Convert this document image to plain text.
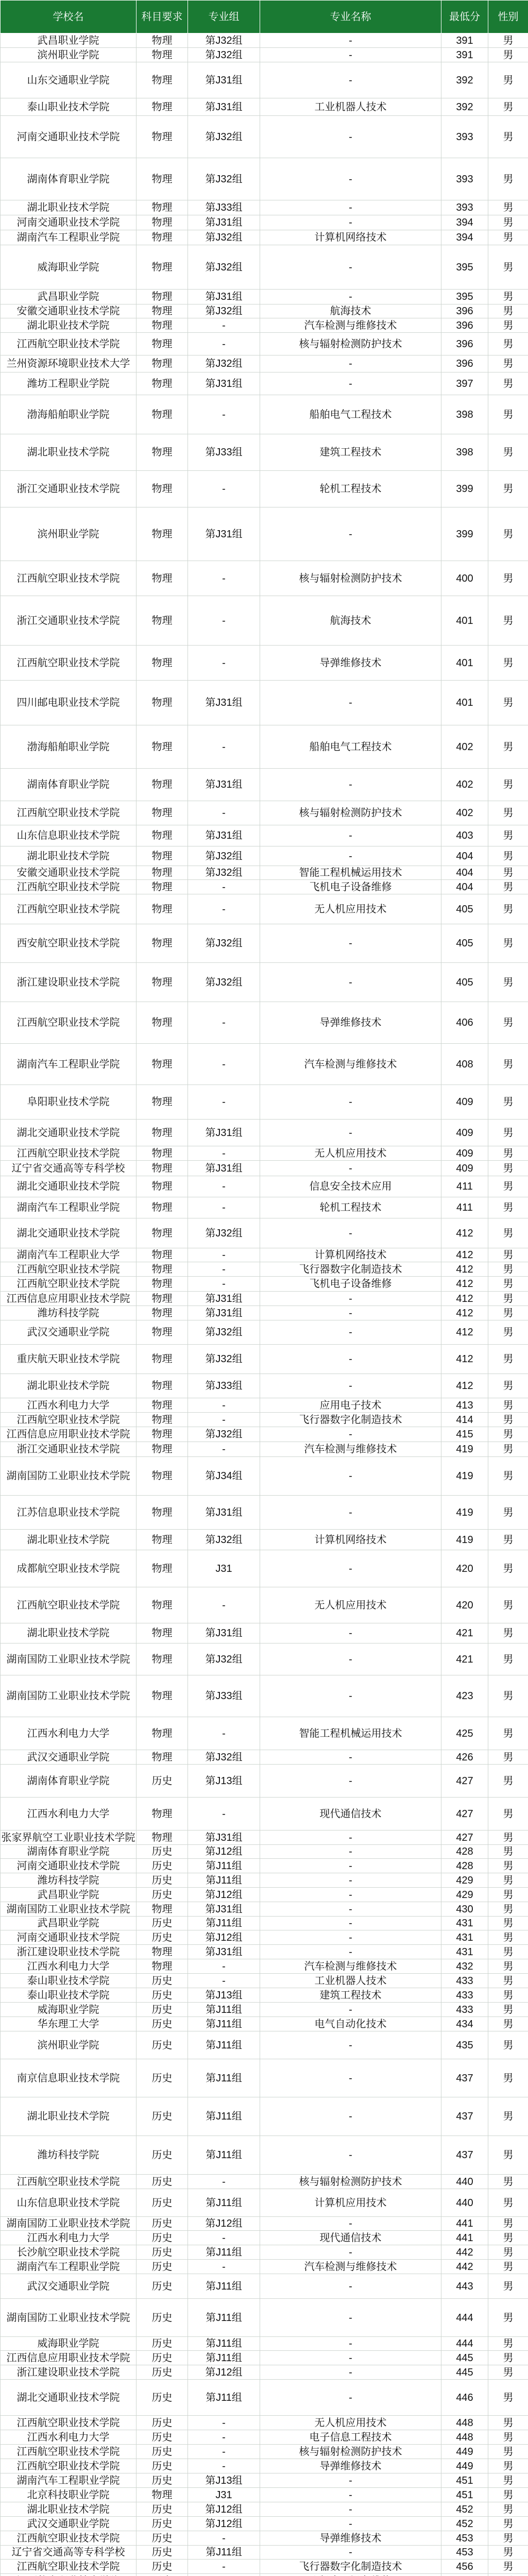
学校名	科目要求	专业组	专业名称	最低分	性别
武昌职业学院	物理	第J32组	-	391	男
滨州职业学院	物理	第J32组	-	391	男
山东交通职业学院	物理	第J31组	-	392	男
泰山职业技术学院	物理	第J31组	工业机器人技术	392	男
河南交通职业技术学院	物理	第J32组	-	393	男
湖南体育职业学院	物理	第J32组	-	393	男
湖北职业技术学院	物理	第J33组	-	393	男
河南交通职业技术学院	物理	第J31组	-	394	男
湖南汽车工程职业学院	物理	第J32组	计算机网络技术	394	男
威海职业学院	物理	第J32组	-	395	男
武昌职业学院	物理	第J31组	-	395	男
安徽交通职业技术学院	物理	第J32组	航海技术	396	男
湖北职业技术学院	物理	-	汽车检测与维修技术	396	男
江西航空职业技术学院	物理	-	核与辐射检测防护技术	396	男
兰州资源环境职业技术大学	物理	第J32组	-	396	男
潍坊工程职业学院	物理	第J31组	-	397	男
渤海船舶职业学院	物理	-	船舶电气工程技术	398	男
湖北职业技术学院	物理	第J33组	建筑工程技术	398	男
浙江交通职业技术学院	物理	-	轮机工程技术	399	男
滨州职业学院	物理	第J31组	-	399	男
江西航空职业技术学院	物理	-	核与辐射检测防护技术	400	男
浙江交通职业技术学院	物理	-	航海技术	401	男
江西航空职业技术学院	物理	-	导弹维修技术	401	男
四川邮电职业技术学院	物理	第J31组	-	401	男
渤海船舶职业学院	物理	-	船舶电气工程技术	402	男
湖南体育职业学院	物理	第J31组	-	402	男
江西航空职业技术学院	物理	-	核与辐射检测防护技术	402	男
山东信息职业技术学院	物理	第J31组	-	403	男
湖北职业技术学院	物理	第J32组	-	404	男
安徽交通职业技术学院	物理	第J32组	智能工程机械运用技术	404	男
江西航空职业技术学院	物理	-	飞机电子设备维修	404	男
江西航空职业技术学院	物理	-	无人机应用技术	405	男
西安航空职业技术学院	物理	第J32组	-	405	男
浙江建设职业技术学院	物理	第J32组	-	405	男
江西航空职业技术学院	物理	-	导弹维修技术	406	男
湖南汽车工程职业学院	物理	-	汽车检测与维修技术	408	男
阜阳职业技术学院	物理	-	-	409	男
湖北交通职业技术学院	物理	第J31组	-	409	男
江西航空职业技术学院	物理	-	无人机应用技术	409	男
辽宁省交通高等专科学校	物理	第J31组	-	409	男
湖北交通职业技术学院	物理	-	信息安全技术应用	411	男
湖南汽车工程职业学院	物理	-	轮机工程技术	411	男
湖北交通职业技术学院	物理	第J32组	-	412	男
湖南汽车工程职业大学	物理	-	计算机网络技术	412	男
江西航空职业技术学院	物理	-	飞行器数字化制造技术	412	男
江西航空职业技术学院	物理	-	飞机电子设备维修	412	男
江西信息应用职业技术学院	物理	第J31组	-	412	男
潍坊科技学院	物理	第J31组	-	412	男
武汉交通职业学院	物理	第J32组	-	412	男
重庆航天职业技术学院	物理	第J32组	-	412	男
湖北职业技术学院	物理	第J33组	-	412	男
江西水利电力大学	物理	-	应用电子技术	413	男
江西航空职业技术学院	物理	-	飞行器数字化制造技术	414	男
江西信息应用职业技术学院	物理	第J32组	-	415	男
浙江交通职业技术学院	物理	-	汽车检测与维修技术	419	男
湖南国防工业职业技术学院	物理	第J34组	-	419	男
江苏信息职业技术学院	物理	第J31组	-	419	男
湖北职业技术学院	物理	第J32组	计算机网络技术	419	男
成都航空职业技术学院	物理	J31	-	420	男
江西航空职业技术学院	物理	-	无人机应用技术	420	男
湖北职业技术学院	物理	第J31组	-	421	男
湖南国防工业职业技术学院	物理	第J32组	-	421	男
湖南国防工业职业技术学院	物理	第J33组	-	423	男
江西水利电力大学	物理	-	智能工程机械运用技术	425	男
武汉交通职业学院	物理	第J32组	-	426	男
湖南体育职业学院	历史	第J13组	-	427	男
江西水利电力大学	物理	-	现代通信技术	427	男
张家界航空工业职业技术学院	物理	第J31组	-	427	男
湖南体育职业学院	历史	第J12组	-	428	男
河南交通职业技术学院	历史	第J11组	-	428	男
潍坊科技学院	历史	第J11组	-	429	男
武昌职业学院	历史	第J12组	-	429	男
湖南国防工业职业技术学院	物理	第J31组	-	430	男
武昌职业学院	历史	第J11组	-	431	男
河南交通职业技术学院	历史	第J12组	-	431	男
浙江建设职业技术学院	物理	第J31组	-	431	男
江西水利电力大学	物理	-	汽车检测与维修技术	432	男
泰山职业技术学院	历史	-	工业机器人技术	433	男
泰山职业技术学院	历史	第J13组	建筑工程技术	433	男
威海职业学院	历史	第J11组	-	433	男
华东理工大学	历史	第J11组	电气自动化技术	434	男
滨州职业学院	历史	第J11组	-	435	男
南京信息职业技术学院	历史	第J11组	-	437	男
湖北职业技术学院	历史	第J11组	-	437	男
潍坊科技学院	历史	第J11组	-	437	男
江西航空职业技术学院	历史	-	核与辐射检测防护技术	440	男
山东信息职业技术学院	历史	第J11组	计算机应用技术	440	男
湖南国防工业职业技术学院	历史	第J12组	-	441	男
江西水利电力大学	历史	-	现代通信技术	441	男
长沙航空职业技术学院	历史	第J11组	-	442	男
湖南汽车工程职业学院	历史	-	汽车检测与维修技术	442	男
武汉交通职业学院	历史	第J11组	-	443	男
湖南国防工业职业技术学院	历史	第J11组	-	444	男
威海职业学院	历史	第J11组	-	444	男
江西信息应用职业技术学院	历史	第J11组	-	445	男
浙江建设职业技术学院	历史	第J12组	-	445	男
湖北交通职业技术学院	历史	第J11组	-	446	男
江西航空职业技术学院	历史	-	无人机应用技术	448	男
江西水利电力大学	历史	-	电子信息工程技术	448	男
江西航空职业技术学院	历史	-	核与辐射检测防护技术	449	男
江西航空职业技术学院	历史	-	导弹维修技术	449	男
湖南汽车工程职业学院	历史	第J13组	-	451	男
北京科技职业学院	物理	J31	-	451	男
湖北职业技术学院	历史	第J12组	-	452	男
武汉交通职业学院	历史	第J12组	-	452	男
江西航空职业技术学院	历史	-	导弹维修技术	453	男
辽宁省交通高等专科学校	历史	第J11组	-	453	男
江西航空职业技术学院	历史	-	飞行器数字化制造技术	456	男
